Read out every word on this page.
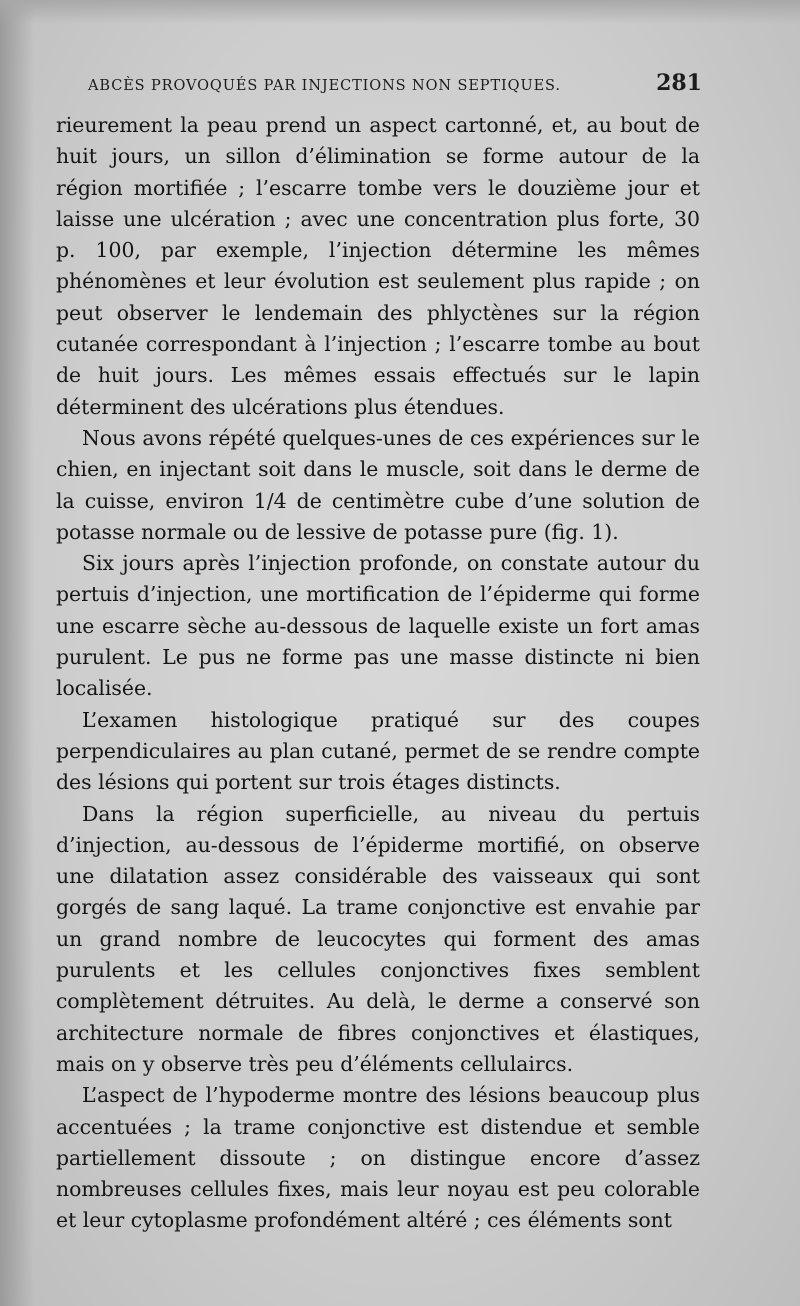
ABCÈS PROVOQUÉS PAR INJECTIONS NON SEPTIQUES.	281

rieurement la peau prend un aspect cartonné, et, au bout de huit jours, un sillon d’élimination se forme autour de la région mortifiée ; l’escarre tombe vers le douzième jour et laisse une ulcération ; avec une concentration plus forte, 30 p. 100, par exemple, l’injection détermine les mêmes phénomènes et leur évolution est seulement plus rapide ; on peut observer le lendemain des phlyctènes sur la région cutanée correspondant à l’injection ; l’escarre tombe au bout de huit jours. Les mêmes essais effectués sur le lapin déterminent des ulcérations plus étendues.

Nous avons répété quelques-unes de ces expériences sur le chien, en injectant soit dans le muscle, soit dans le derme de la cuisse, environ 1/4 de centimètre cube d’une solution de potasse normale ou de lessive de potasse pure (fig. 1).

Six jours après l’injection profonde, on constate autour du pertuis d’injection, une mortification de l’épiderme qui forme une escarre sèche au-dessous de laquelle existe un fort amas purulent. Le pus ne forme pas une masse distincte ni bien localisée.

L’examen histologique pratiqué sur des coupes perpendiculaires au plan cutané, permet de se rendre compte des lésions qui portent sur trois étages distincts.

Dans la région superficielle, au niveau du pertuis d’injection, au-dessous de l’épiderme mortifié, on observe une dilatation assez considérable des vaisseaux qui sont gorgés de sang laqué. La trame conjonctive est envahie par un grand nombre de leucocytes qui forment des amas purulents et les cellules conjonctives fixes semblent complètement détruites. Au delà, le derme a conservé son architecture normale de fibres conjonctives et élastiques, mais on y observe très peu d’éléments cellulaircs.

L’aspect de l’hypoderme montre des lésions beaucoup plus accentuées ; la trame conjonctive est distendue et semble partiellement dissoute ; on distingue encore d’assez nombreuses cellules fixes, mais leur noyau est peu colorable et leur cytoplasme profondément altéré ; ces éléments sont
